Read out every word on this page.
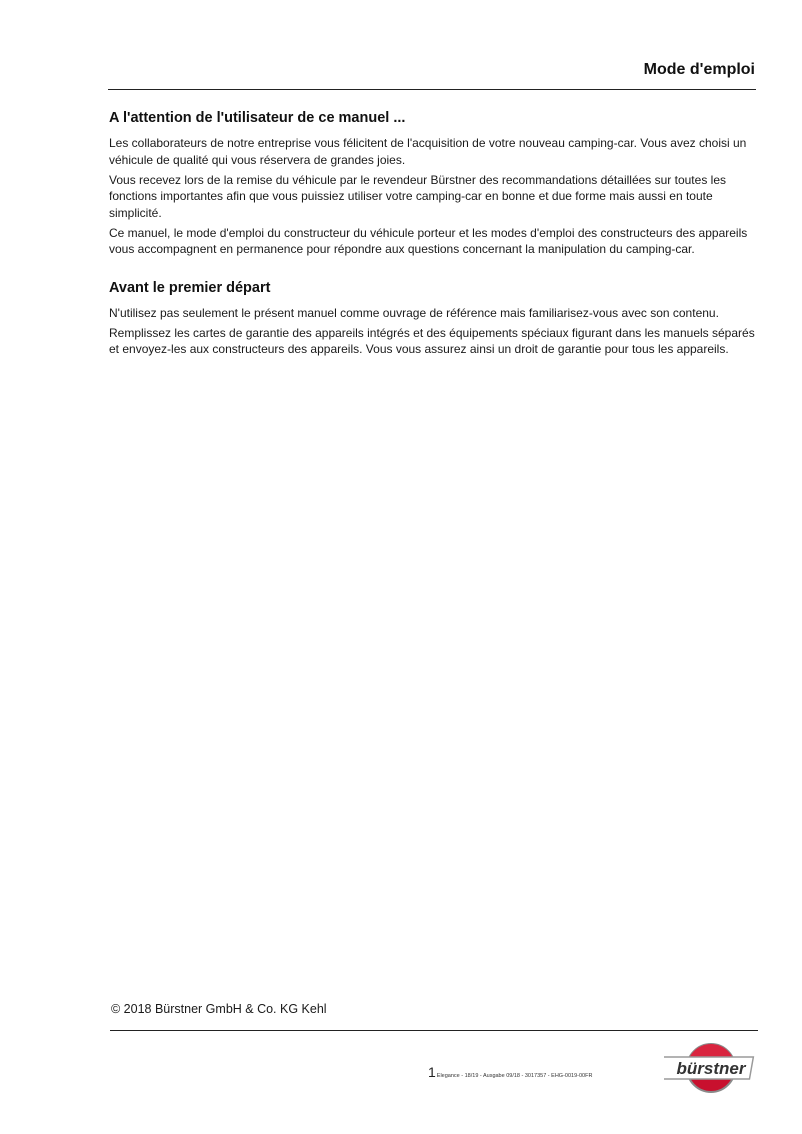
Mode d'emploi
A l'attention de l'utilisateur de ce manuel ...

Les collaborateurs de notre entreprise vous félicitent de l'acquisition de votre nouveau camping-car. Vous avez choisi un véhicule de qualité qui vous réservera de grandes joies.

Vous recevez lors de la remise du véhicule par le revendeur Bürstner des recommandations détaillées sur toutes les fonctions importantes afin que vous puissiez utiliser votre camping-car en bonne et due forme mais aussi en toute simplicité.

Ce manuel, le mode d'emploi du constructeur du véhicule porteur et les modes d'emploi des constructeurs des appareils vous accompagnent en permanence pour répondre aux questions concernant la manipulation du camping-car.

Avant le premier départ

N'utilisez pas seulement le présent manuel comme ouvrage de référence mais familiarisez-vous avec son contenu.

Remplissez les cartes de garantie des appareils intégrés et des équipements spéciaux figurant dans les manuels séparés et envoyez-les aux constructeurs des appareils. Vous vous assurez ainsi un droit de garantie pour tous les appareils.

© 2018 Bürstner GmbH & Co. KG Kehl
1 Elegance - 18/19 - Ausgabe 09/18 - 3017357 - EHG-0019-00FR	bürstner
